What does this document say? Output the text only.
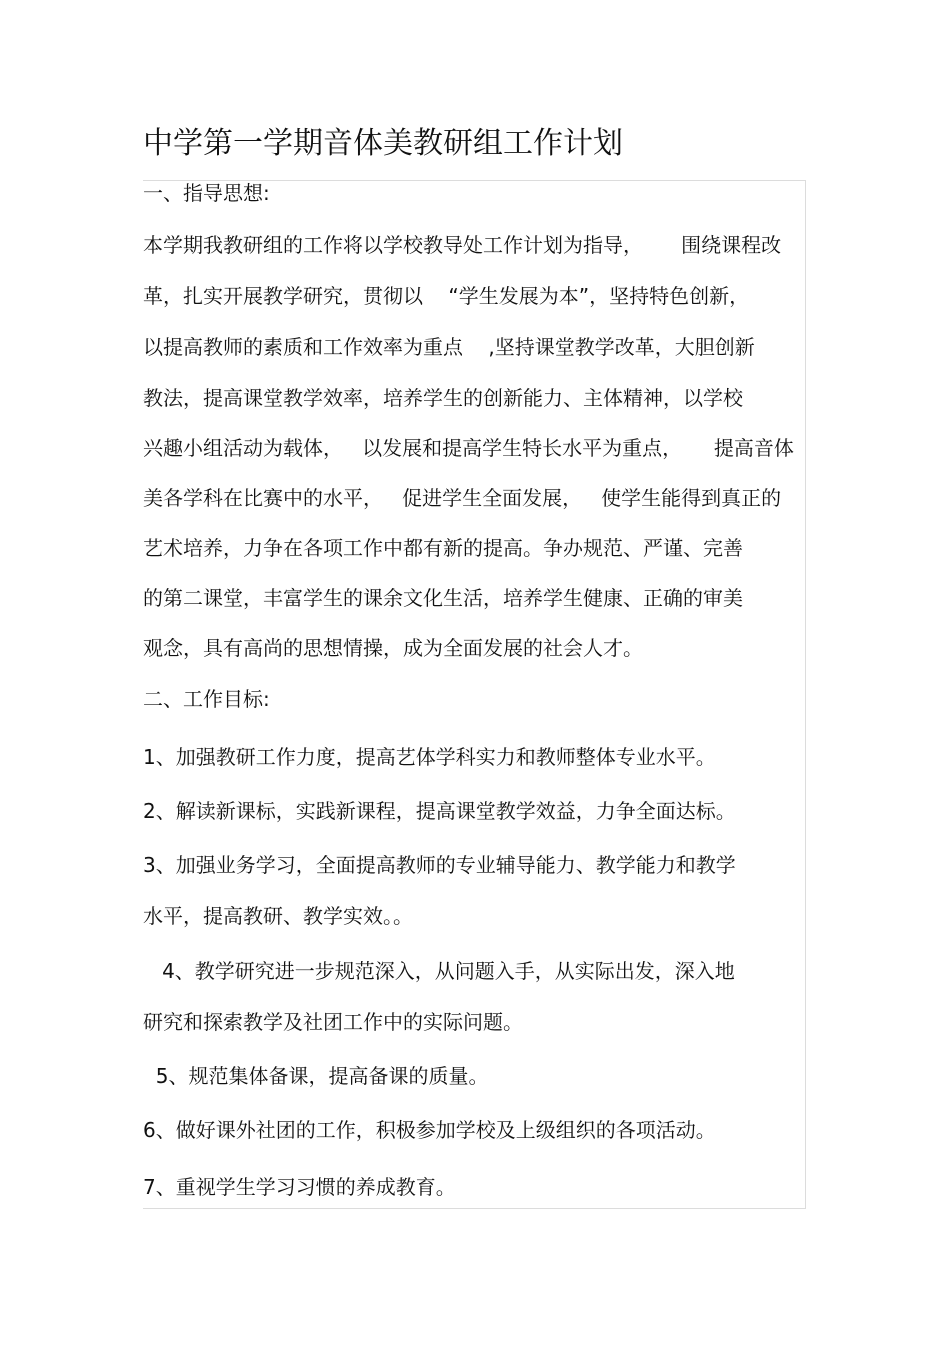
中学第一学期音体美教研组工作计划
一、指导思想:
本学期我教研组的工作将以学校教导处工作计划为指导，      围绕课程改
革，扎实开展教学研究，贯彻以    “学生发展为本”，坚持特色创新，
以提高教师的素质和工作效率为重点    ,坚持课堂教学改革，大胆创新
教法，提高课堂教学效率，培养学生的创新能力、主体精神，以学校
兴趣小组活动为载体，   以发展和提高学生特长水平为重点，     提高音体
美各学科在比赛中的水平，   促进学生全面发展，   使学生能得到真正的
艺术培养，力争在各项工作中都有新的提高。争办规范、严谨、完善
的第二课堂，丰富学生的课余文化生活，培养学生健康、正确的审美
观念，具有高尚的思想情操，成为全面发展的社会人才。
二、工作目标:
1、加强教研工作力度，提高艺体学科实力和教师整体专业水平。
2、解读新课标，实践新课程，提高课堂教学效益，力争全面达标。
3、加强业务学习，全面提高教师的专业辅导能力、教学能力和教学
水平，提高教研、教学实效。。
4、教学研究进一步规范深入，从问题入手，从实际出发，深入地
研究和探索教学及社团工作中的实际问题。
5、规范集体备课，提高备课的质量。
6、做好课外社团的工作，积极参加学校及上级组织的各项活动。
7、重视学生学习习惯的养成教育。
